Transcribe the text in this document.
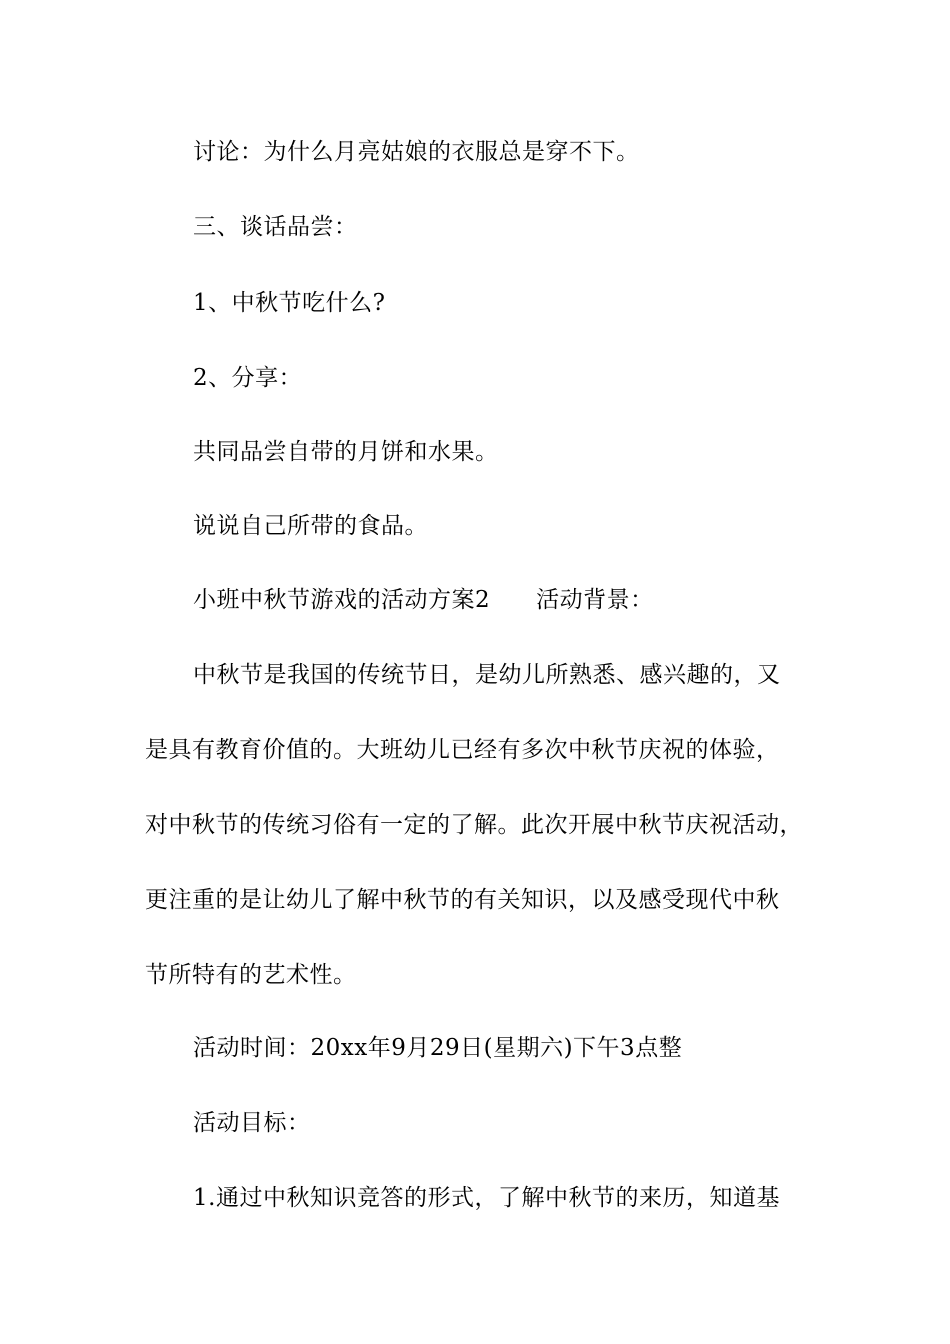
讨论：为什么月亮姑娘的衣服总是穿不下。
三、谈话品尝：
1、中秋节吃什么?
2、分享：
共同品尝自带的月饼和水果。
说说自己所带的食品。
小班中秋节游戏的活动方案2 活动背景：
中秋节是我国的传统节日，是幼儿所熟悉、感兴趣的，又
是具有教育价值的。大班幼儿已经有多次中秋节庆祝的体验，
对中秋节的传统习俗有一定的了解。此次开展中秋节庆祝活动，
更注重的是让幼儿了解中秋节的有关知识，以及感受现代中秋
节所特有的艺术性。
活动时间：20xx年9月29日(星期六)下午3点整
活动目标：
1.通过中秋知识竞答的形式，了解中秋节的来历，知道基
